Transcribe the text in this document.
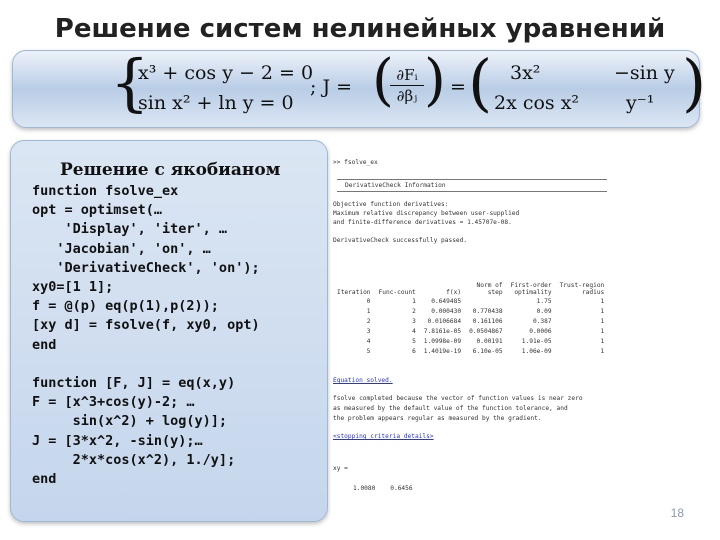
Решение систем нелинейных уравнений
{
x³ + cos y − 2 = 0
sin x² + ln y = 0
; J = ( ∂Fᵢ
∂βⱼ ) = ( 3x²	−sin y
2x cos x² y⁻¹ )
Решение с якобианом
function fsolve_ex
opt = optimset(…
'Display', 'iter', …
'Jacobian', 'on', …
'DerivativeCheck', 'on');
xy0=[1 1];
f = @(p) eq(p(1),p(2));
[xy d] = fsolve(f, xy0, opt)
end

function [F, J] = eq(x,y)
F = [x^3+cos(y)-2; …
sin(x^2) + log(y)];
J = [3*x^2, -sin(y);…
2*x*cos(x^2), 1./y];
end
>> fsolve_ex
DerivativeCheck Information
Objective function derivatives:
Maximum relative discrepancy between user-supplied
and finite-difference derivatives = 1.45707e-08.
DerivativeCheck successfully passed.
			Norm of	First-order	Trust-region
Iteration	Func-count	f(x)	step	optimality	radius
0	1	0.649485		1.75	1
1	2	0.000430	0.770438	0.09	1
2	3	0.0106684	0.161106	0.387	1
3	4	7.8161e-05	0.0504867	0.0006	1
4	5	1.0998e-09	0.00191	1.91e-05	1
5	6	1.4019e-19	6.10e-05	1.06e-09	1
Equation solved.
fsolve completed because the vector of function values is near zero
as measured by the default value of the function tolerance, and
the problem appears regular as measured by the gradient.
<stopping criteria details>
xy =
1.0080    0.6456
18
